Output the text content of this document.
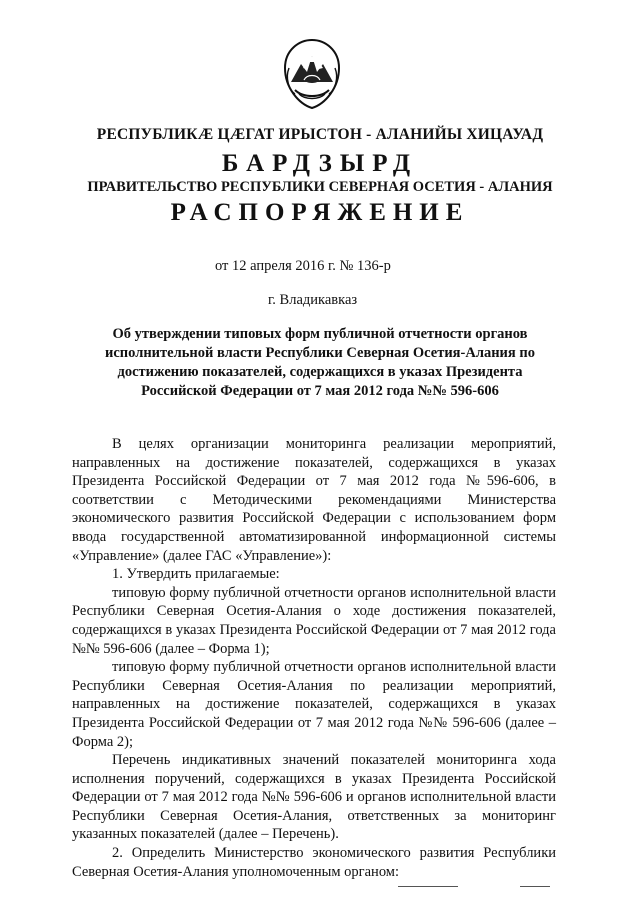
РЕСПУБЛИКӔ ЦӔГАТ ИРЫСТОН - АЛАНИЙЫ ХИЦАУАД
БАРДЗЫРД
ПРАВИТЕЛЬСТВО РЕСПУБЛИКИ СЕВЕРНАЯ ОСЕТИЯ - АЛАНИЯ
РАСПОРЯЖЕНИЕ
от 12 апреля 2016 г. № 136-р
г. Владикавказ
Об утверждении типовых форм публичной отчетности органов
исполнительной власти Республики Северная Осетия-Алания по
достижению показателей, содержащихся в указах Президента
Российской Федерации от 7 мая 2012 года №№ 596-606

В целях организации мониторинга реализации мероприятий, направленных на достижение показателей, содержащихся в указах Президента Российской Федерации от 7 мая 2012 года №596-606, в соответствии с Методическими рекомендациями Министерства экономического развития Российской Федерации с использованием форм ввода государственной автоматизированной информационной системы «Управление» (далее ГАС «Управление»):

1. Утвердить прилагаемые:

типовую форму публичной отчетности органов исполнительной власти Республики Северная Осетия-Алания о ходе достижения показателей, содержащихся в указах Президента Российской Федерации от 7 мая 2012 года №№ 596-606 (далее – Форма 1);

типовую форму публичной отчетности органов исполнительной власти Республики Северная Осетия-Алания по реализации мероприятий, направленных на достижение показателей, содержащихся в указах Президента Российской Федерации от 7 мая 2012 года №№ 596-606 (далее – Форма 2);

Перечень индикативных значений показателей мониторинга хода исполнения поручений, содержащихся в указах Президента Российской Федерации от 7 мая 2012 года №№ 596-606 и органов исполнительной власти Республики Северная Осетия-Алания, ответственных за мониторинг указанных показателей (далее – Перечень).

2. Определить Министерство экономического развития Республики Северная Осетия-Алания уполномоченным органом:
